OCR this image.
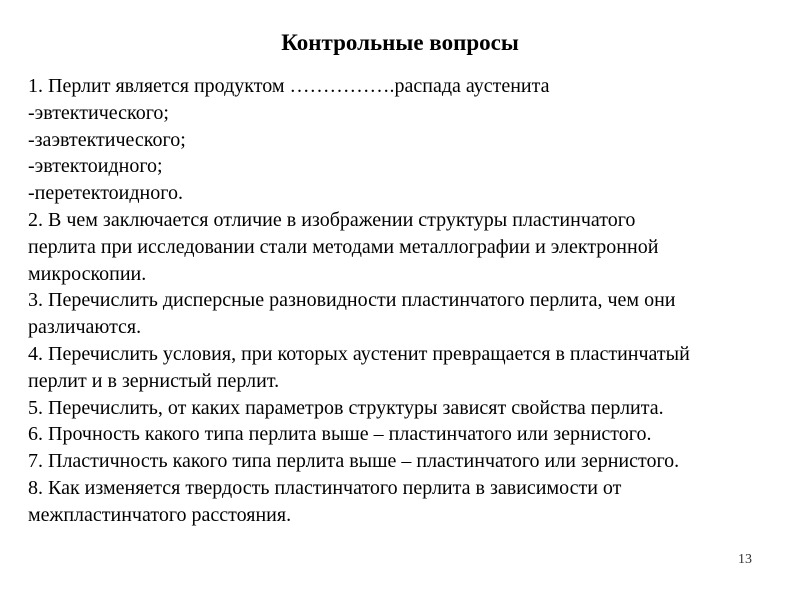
Контрольные вопросы
1. Перлит является продуктом …………….распада аустенита
-эвтектического;
-заэвтектического;
-эвтектоидного;
-перетектоидного.
2. В чем заключается отличие в изображении структуры пластинчатого
перлита при исследовании стали методами металлографии и электронной
микроскопии.
3. Перечислить дисперсные разновидности пластинчатого перлита, чем они
различаются.
4. Перечислить условия, при которых аустенит превращается в пластинчатый
перлит и в зернистый перлит.
5. Перечислить, от каких параметров структуры зависят свойства перлита.
6. Прочность какого типа перлита выше – пластинчатого или зернистого.
7. Пластичность какого типа перлита выше – пластинчатого или зернистого.
8. Как изменяется твердость пластинчатого перлита в зависимости от
межпластинчатого расстояния.
13
